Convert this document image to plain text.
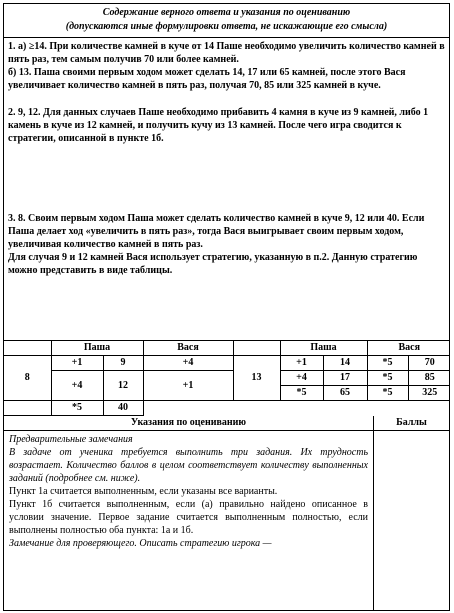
Содержание верного ответа и указания по оцениванию
(допускаются иные формулировки ответа, не искажающие его смысла)

1. а) ≥14. При количестве камней в куче от 14 Паше необходимо увеличить количество камней в пять раз, тем самым получив 70 или более камней.

б) 13. Паша своими первым ходом может сделать 14, 17 или 65 камней, после этого Вася увеличивает количество камней в пять раз, получая 70, 85 или 325 камней в куче.

2. 9, 12. Для данных случаев Паше необходимо прибавить 4 камня в куче из 9 камней, либо 1 камень в куче из 12 камней, и получить кучу из 13 камней. После чего игра сводится к стратегии, описанной в пункте 1б.

3. 8. Своим первым ходом Паша может сделать количество камней в куче 9, 12 или 40. Если Паша делает ход «увеличить в пять раз», тогда Вася выигрывает своим первым ходом, увеличивая количество камней в пять раз.

Для случая 9 и 12 камней Вася использует стратегию, указанную в п.2. Данную стратегию можно представить в виде таблицы.

	Паша		Вася		Паша		Вася	
8	+1	9	+4	13	+1	14	*5	70
	+4	12	+1		+4	17	*5	85
					*5	65	*5	325
	*5	40						
Указания по оцениванию

Предварительные замечания

В задаче от ученика требуется выполнить три задания. Их трудность возрастает. Количество баллов в целом соответствует количеству выполненных заданий (подробнее см. ниже).

Пункт 1а считается выполненным, если указаны все варианты.

Пункт 1б считается выполненным, если (а) правильно найдено описанное в условии значение. Первое задание считается выполненным полностью, если выполнены полностью оба пункта: 1а и 1б.

Замечание для проверяющего. Описать стратегию игрока —

Баллы
